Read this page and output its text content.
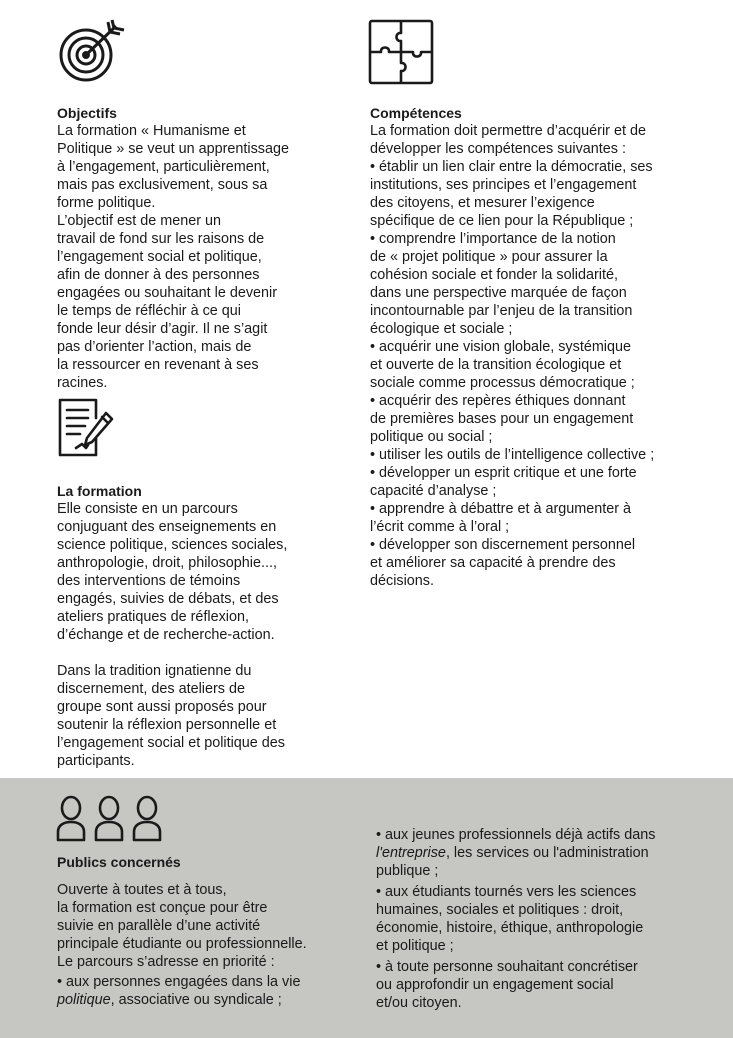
Objectifs
La formation « Humanisme et
Politique » se veut un apprentissage
à l’engagement, particulièrement,
mais pas exclusivement, sous sa
forme politique.
L’objectif est de mener un
travail de fond sur les raisons de
l’engagement social et politique,
afin de donner à des personnes
engagées ou souhaitant le devenir
le temps de réfléchir à ce qui
fonde leur désir d’agir. Il ne s’agit
pas d’orienter l’action, mais de
la ressourcer en revenant à ses
racines.
La formation
Elle consiste en un parcours
conjuguant des enseignements en
science politique, sciences sociales,
anthropologie, droit, philosophie...,
des interventions de témoins
engagés, suivies de débats, et des
ateliers pratiques de réflexion,
d’échange et de recherche-action.
Dans la tradition ignatienne du
discernement, des ateliers de
groupe sont aussi proposés pour
soutenir la réflexion personnelle et
l’engagement social et politique des
participants.
Compétences
La formation doit permettre d’acquérir et de
développer les compétences suivantes :
• établir un lien clair entre la démocratie, ses
institutions, ses principes et l’engagement
des citoyens, et mesurer l’exigence
spécifique de ce lien pour la République ;
• comprendre l’importance de la notion
de « projet politique » pour assurer la
cohésion sociale et fonder la solidarité,
dans une perspective marquée de façon
incontournable par l’enjeu de la transition
écologique et sociale ;
• acquérir une vision globale, systémique
et ouverte de la transition écologique et
sociale comme processus démocratique ;
• acquérir des repères éthiques donnant
de premières bases pour un engagement
politique ou social ;
• utiliser les outils de l’intelligence collective ;
• développer un esprit critique et une forte
capacité d’analyse ;
• apprendre à débattre et à argumenter à
l’écrit comme à l’oral ;
• développer son discernement personnel
et améliorer sa capacité à prendre des
décisions.
Publics concernés
Ouverte à toutes et à tous,
la formation est conçue pour être
suivie en parallèle d’une activité
principale étudiante ou professionnelle.
Le parcours s’adresse en priorité :
• aux personnes engagées dans la vie
politique, associative ou syndicale ;
• aux jeunes professionnels déjà actifs dans
l'entreprise, les services ou l'administration
publique ;
• aux étudiants tournés vers les sciences
humaines, sociales et politiques : droit,
économie, histoire, éthique, anthropologie
et politique ;
• à toute personne souhaitant concrétiser
ou approfondir un engagement social
et/ou citoyen.
